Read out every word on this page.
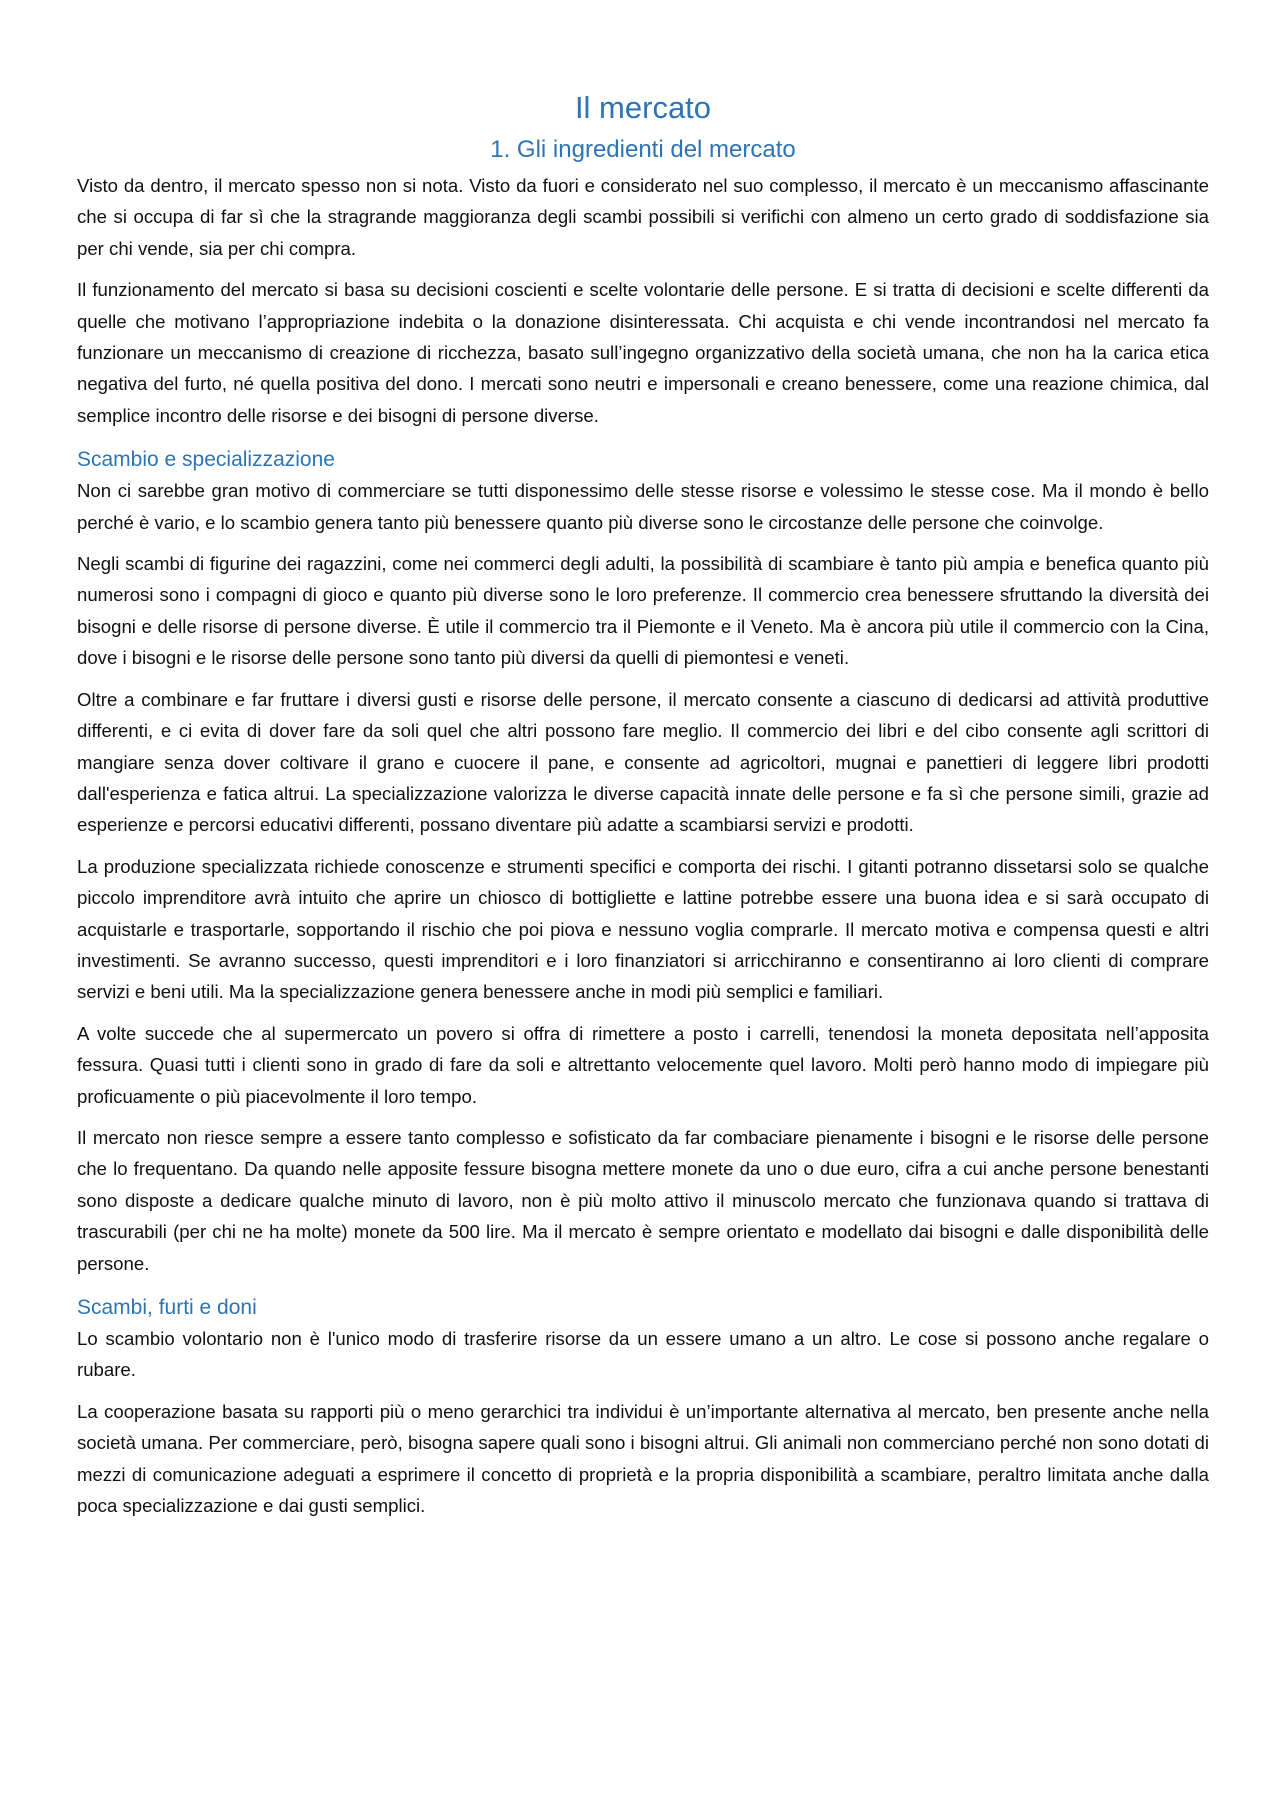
Il mercato
1. Gli ingredienti del mercato

Visto da dentro, il mercato spesso non si nota. Visto da fuori e considerato nel suo complesso, il mercato è un meccanismo affascinante che si occupa di far sì che la stragrande maggioranza degli scambi possibili si verifichi con almeno un certo grado di soddisfazione sia per chi vende, sia per chi compra.

Il funzionamento del mercato si basa su decisioni coscienti e scelte volontarie delle persone. E si tratta di decisioni e scelte differenti da quelle che motivano l’appropriazione indebita o la donazione disinteressata. Chi acquista e chi vende incontrandosi nel mercato fa funzionare un meccanismo di creazione di ricchezza, basato sull’ingegno organizzativo della società umana, che non ha la carica etica negativa del furto, né quella positiva del dono. I mercati sono neutri e impersonali e creano benessere, come una reazione chimica, dal semplice incontro delle risorse e dei bisogni di persone diverse.

Scambio e specializzazione

Non ci sarebbe gran motivo di commerciare se tutti disponessimo delle stesse risorse e volessimo le stesse cose. Ma il mondo è bello perché è vario, e lo scambio genera tanto più benessere quanto più diverse sono le circostanze delle persone che coinvolge.

Negli scambi di figurine dei ragazzini, come nei commerci degli adulti, la possibilità di scambiare è tanto più ampia e benefica quanto più numerosi sono i compagni di gioco e quanto più diverse sono le loro preferenze. Il commercio crea benessere sfruttando la diversità dei bisogni e delle risorse di persone diverse. È utile il commercio tra il Piemonte e il Veneto. Ma è ancora più utile il commercio con la Cina, dove i bisogni e le risorse delle persone sono tanto più diversi da quelli di piemontesi e veneti.

Oltre a combinare e far fruttare i diversi gusti e risorse delle persone, il mercato consente a ciascuno di dedicarsi ad attività produttive differenti, e ci evita di dover fare da soli quel che altri possono fare meglio. Il commercio dei libri e del cibo consente agli scrittori di mangiare senza dover coltivare il grano e cuocere il pane, e consente ad agricoltori, mugnai e panettieri di leggere libri prodotti dall'esperienza e fatica altrui. La specializzazione valorizza le diverse capacità innate delle persone e fa sì che persone simili, grazie ad esperienze e percorsi educativi differenti, possano diventare più adatte a scambiarsi servizi e prodotti.

La produzione specializzata richiede conoscenze e strumenti specifici e comporta dei rischi. I gitanti potranno dissetarsi solo se qualche piccolo imprenditore avrà intuito che aprire un chiosco di bottigliette e lattine potrebbe essere una buona idea e si sarà occupato di acquistarle e trasportarle, sopportando il rischio che poi piova e nessuno voglia comprarle. Il mercato motiva e compensa questi e altri investimenti. Se avranno successo, questi imprenditori e i loro finanziatori si arricchiranno e consentiranno ai loro clienti di comprare servizi e beni utili. Ma la specializzazione genera benessere anche in modi più semplici e familiari.

A volte succede che al supermercato un povero si offra di rimettere a posto i carrelli, tenendosi la moneta depositata nell’apposita fessura. Quasi tutti i clienti sono in grado di fare da soli e altrettanto velocemente quel lavoro. Molti però hanno modo di impiegare più proficuamente o più piacevolmente il loro tempo.

Il mercato non riesce sempre a essere tanto complesso e sofisticato da far combaciare pienamente i bisogni e le risorse delle persone che lo frequentano. Da quando nelle apposite fessure bisogna mettere monete da uno o due euro, cifra a cui anche persone benestanti sono disposte a dedicare qualche minuto di lavoro, non è più molto attivo il minuscolo mercato che funzionava quando si trattava di trascurabili (per chi ne ha molte) monete da 500 lire. Ma il mercato è sempre orientato e modellato dai bisogni e dalle disponibilità delle persone.

Scambi, furti e doni

Lo scambio volontario non è l'unico modo di trasferire risorse da un essere umano a un altro. Le cose si possono anche regalare o rubare.

La cooperazione basata su rapporti più o meno gerarchici tra individui è un’importante alternativa al mercato, ben presente anche nella società umana. Per commerciare, però, bisogna sapere quali sono i bisogni altrui. Gli animali non commerciano perché non sono dotati di mezzi di comunicazione adeguati a esprimere il concetto di proprietà e la propria disponibilità a scambiare, peraltro limitata anche dalla poca specializzazione e dai gusti semplici.
